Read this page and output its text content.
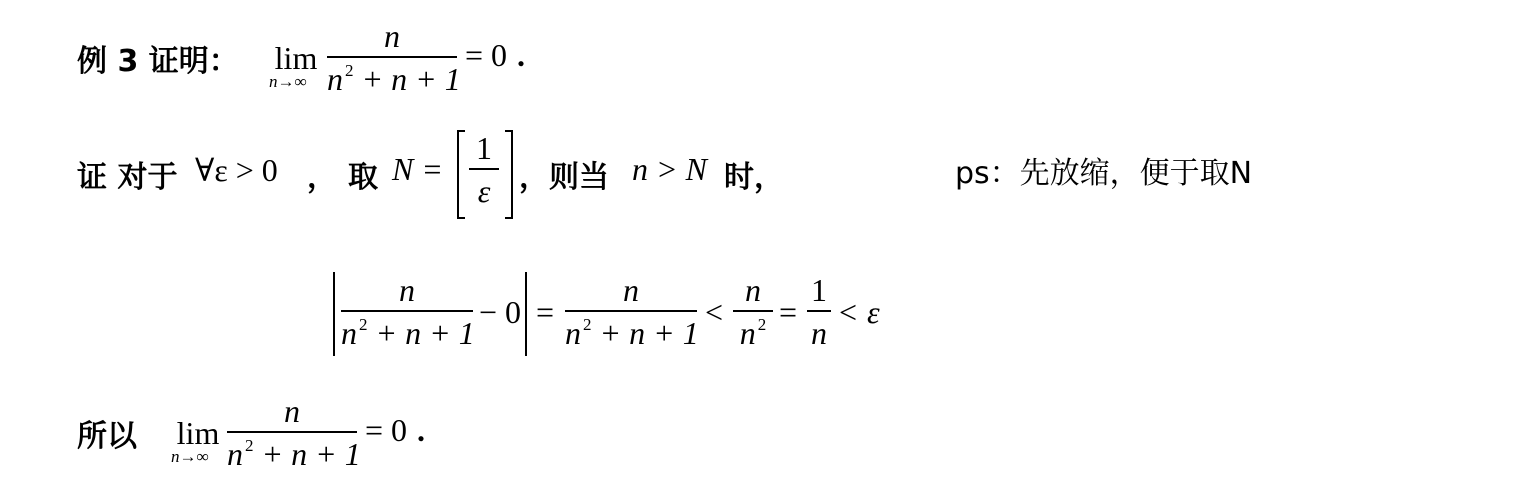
例 3 证明： lim
n→∞
n
n $^2$ + n + 1
= 0 .
证 对于 ∀ε > 0 ， 取 N =
1
ε ，则当 n > N 时，	ps：先放缩，便于取N
n
n $^2$ + n + 1
− 0 =
n
n $^2$ + n + 1
<
n
n $^2$ =
1
n
< ε
所以 lim
n→∞
n
n $^2$ + n + 1
= 0 .
